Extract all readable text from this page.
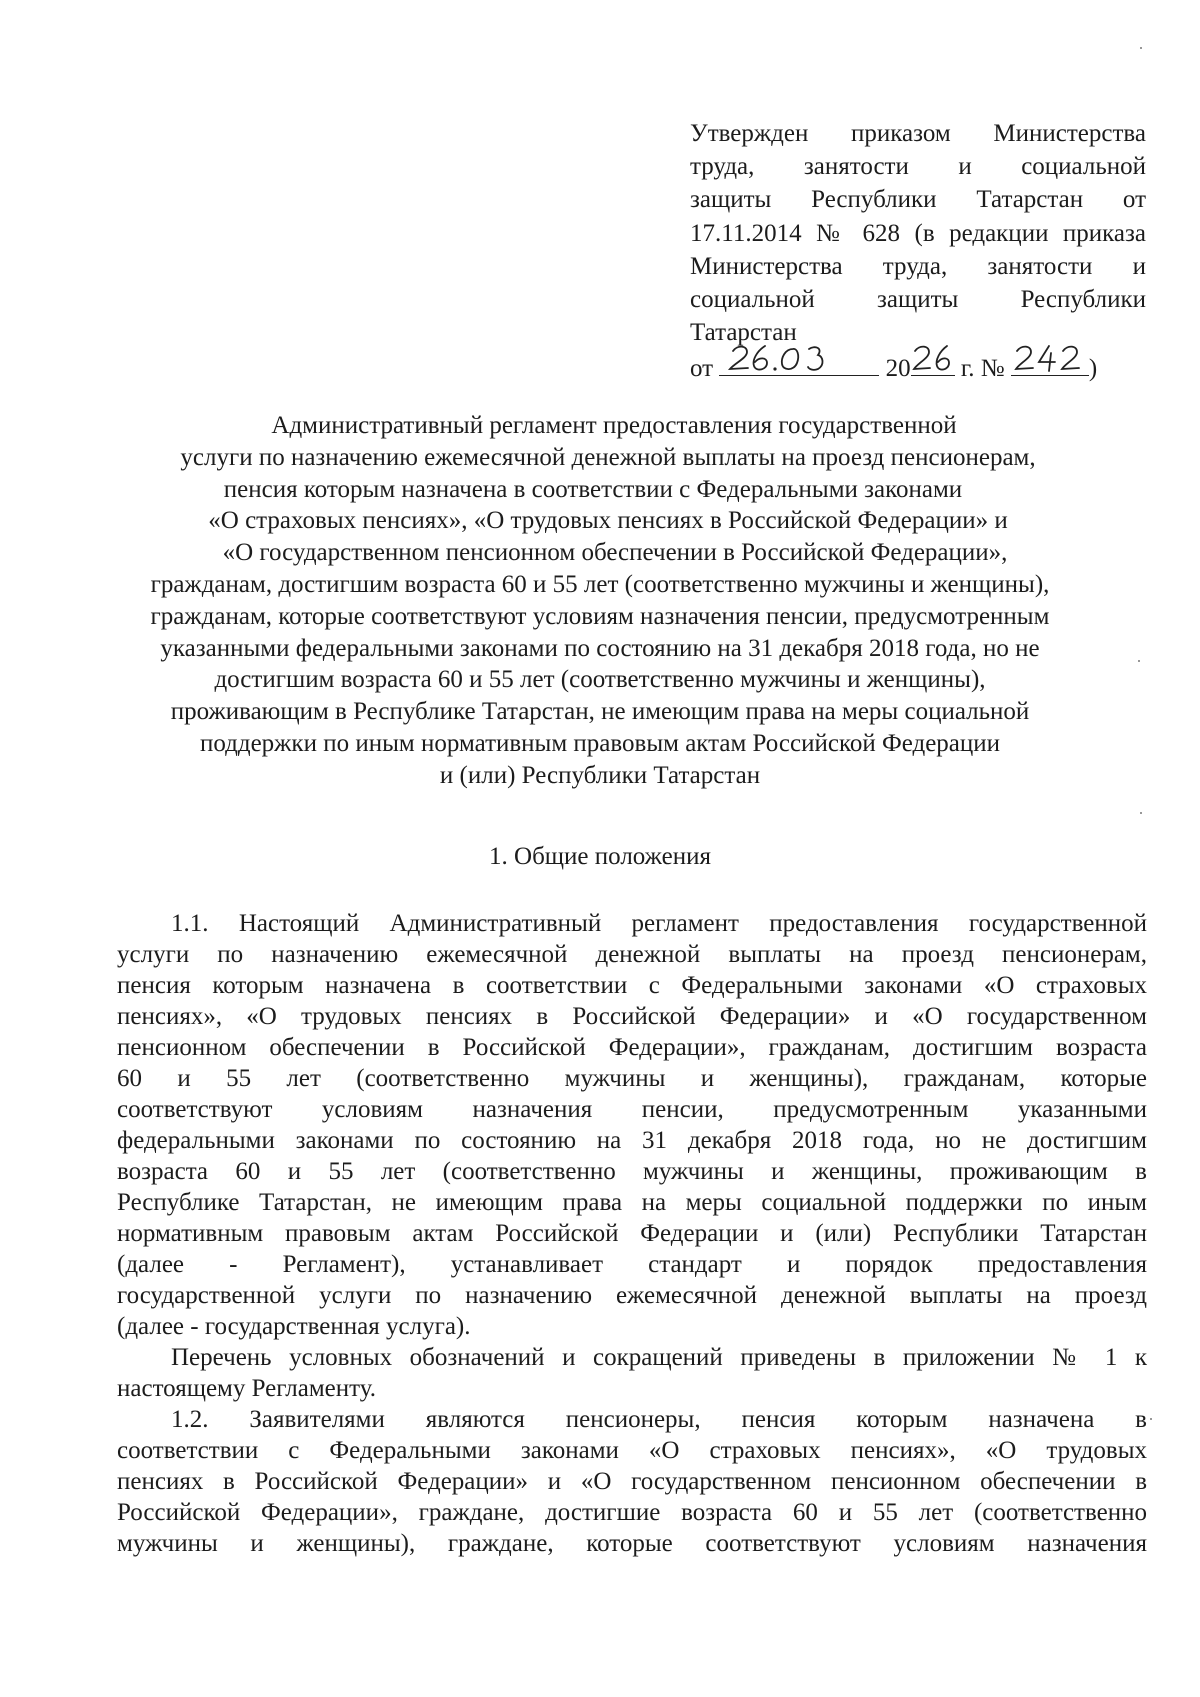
Утвержден приказом Министерства
труда, занятости и социальной
защиты Республики Татарстан от
17.11.2014 № 628 (в редакции приказа
Министерства труда, занятости и
социальной защиты Республики
Татарстан
от	20 г. №	)
Административный регламент предоставления государственной
услуги по назначению ежемесячной денежной выплаты на проезд пенсионерам,
пенсия которым назначена в соответствии с Федеральными законами
«О страховых пенсиях», «О трудовых пенсиях в Российской Федерации» и
«О государственном пенсионном обеспечении в Российской Федерации»,
гражданам, достигшим возраста 60 и 55 лет (соответственно мужчины и женщины),
гражданам, которые соответствуют условиям назначения пенсии, предусмотренным
указанными федеральными законами по состоянию на 31 декабря 2018 года, но не
достигшим возраста 60 и 55 лет (соответственно мужчины и женщины),
проживающим в Республике Татарстан, не имеющим права на меры социальной
поддержки по иным нормативным правовым актам Российской Федерации
и (или) Республики Татарстан
1. Общие положения
1.1. Настоящий Административный регламент предоставления государственной
услуги по назначению ежемесячной денежной выплаты на проезд пенсионерам,
пенсия которым назначена в соответствии с Федеральными законами «О страховых
пенсиях», «О трудовых пенсиях в Российской Федерации» и «О государственном
пенсионном обеспечении в Российской Федерации», гражданам, достигшим возраста
60 и 55 лет (соответственно мужчины и женщины), гражданам, которые
соответствуют условиям назначения пенсии, предусмотренным указанными
федеральными законами по состоянию на 31 декабря 2018 года, но не достигшим
возраста 60 и 55 лет (соответственно мужчины и женщины, проживающим в
Республике Татарстан, не имеющим права на меры социальной поддержки по иным
нормативным правовым актам Российской Федерации и (или) Республики Татарстан
(далее - Регламент), устанавливает стандарт и порядок предоставления
государственной услуги по назначению ежемесячной денежной выплаты на проезд
(далее - государственная услуга).
Перечень условных обозначений и сокращений приведены в приложении № 1 к
настоящему Регламенту.
1.2. Заявителями являются пенсионеры, пенсия которым назначена в
соответствии с Федеральными законами «О страховых пенсиях», «О трудовых
пенсиях в Российской Федерации» и «О государственном пенсионном обеспечении в
Российской Федерации», граждане, достигшие возраста 60 и 55 лет (соответственно
мужчины и женщины), граждане, которые соответствуют условиям назначения
